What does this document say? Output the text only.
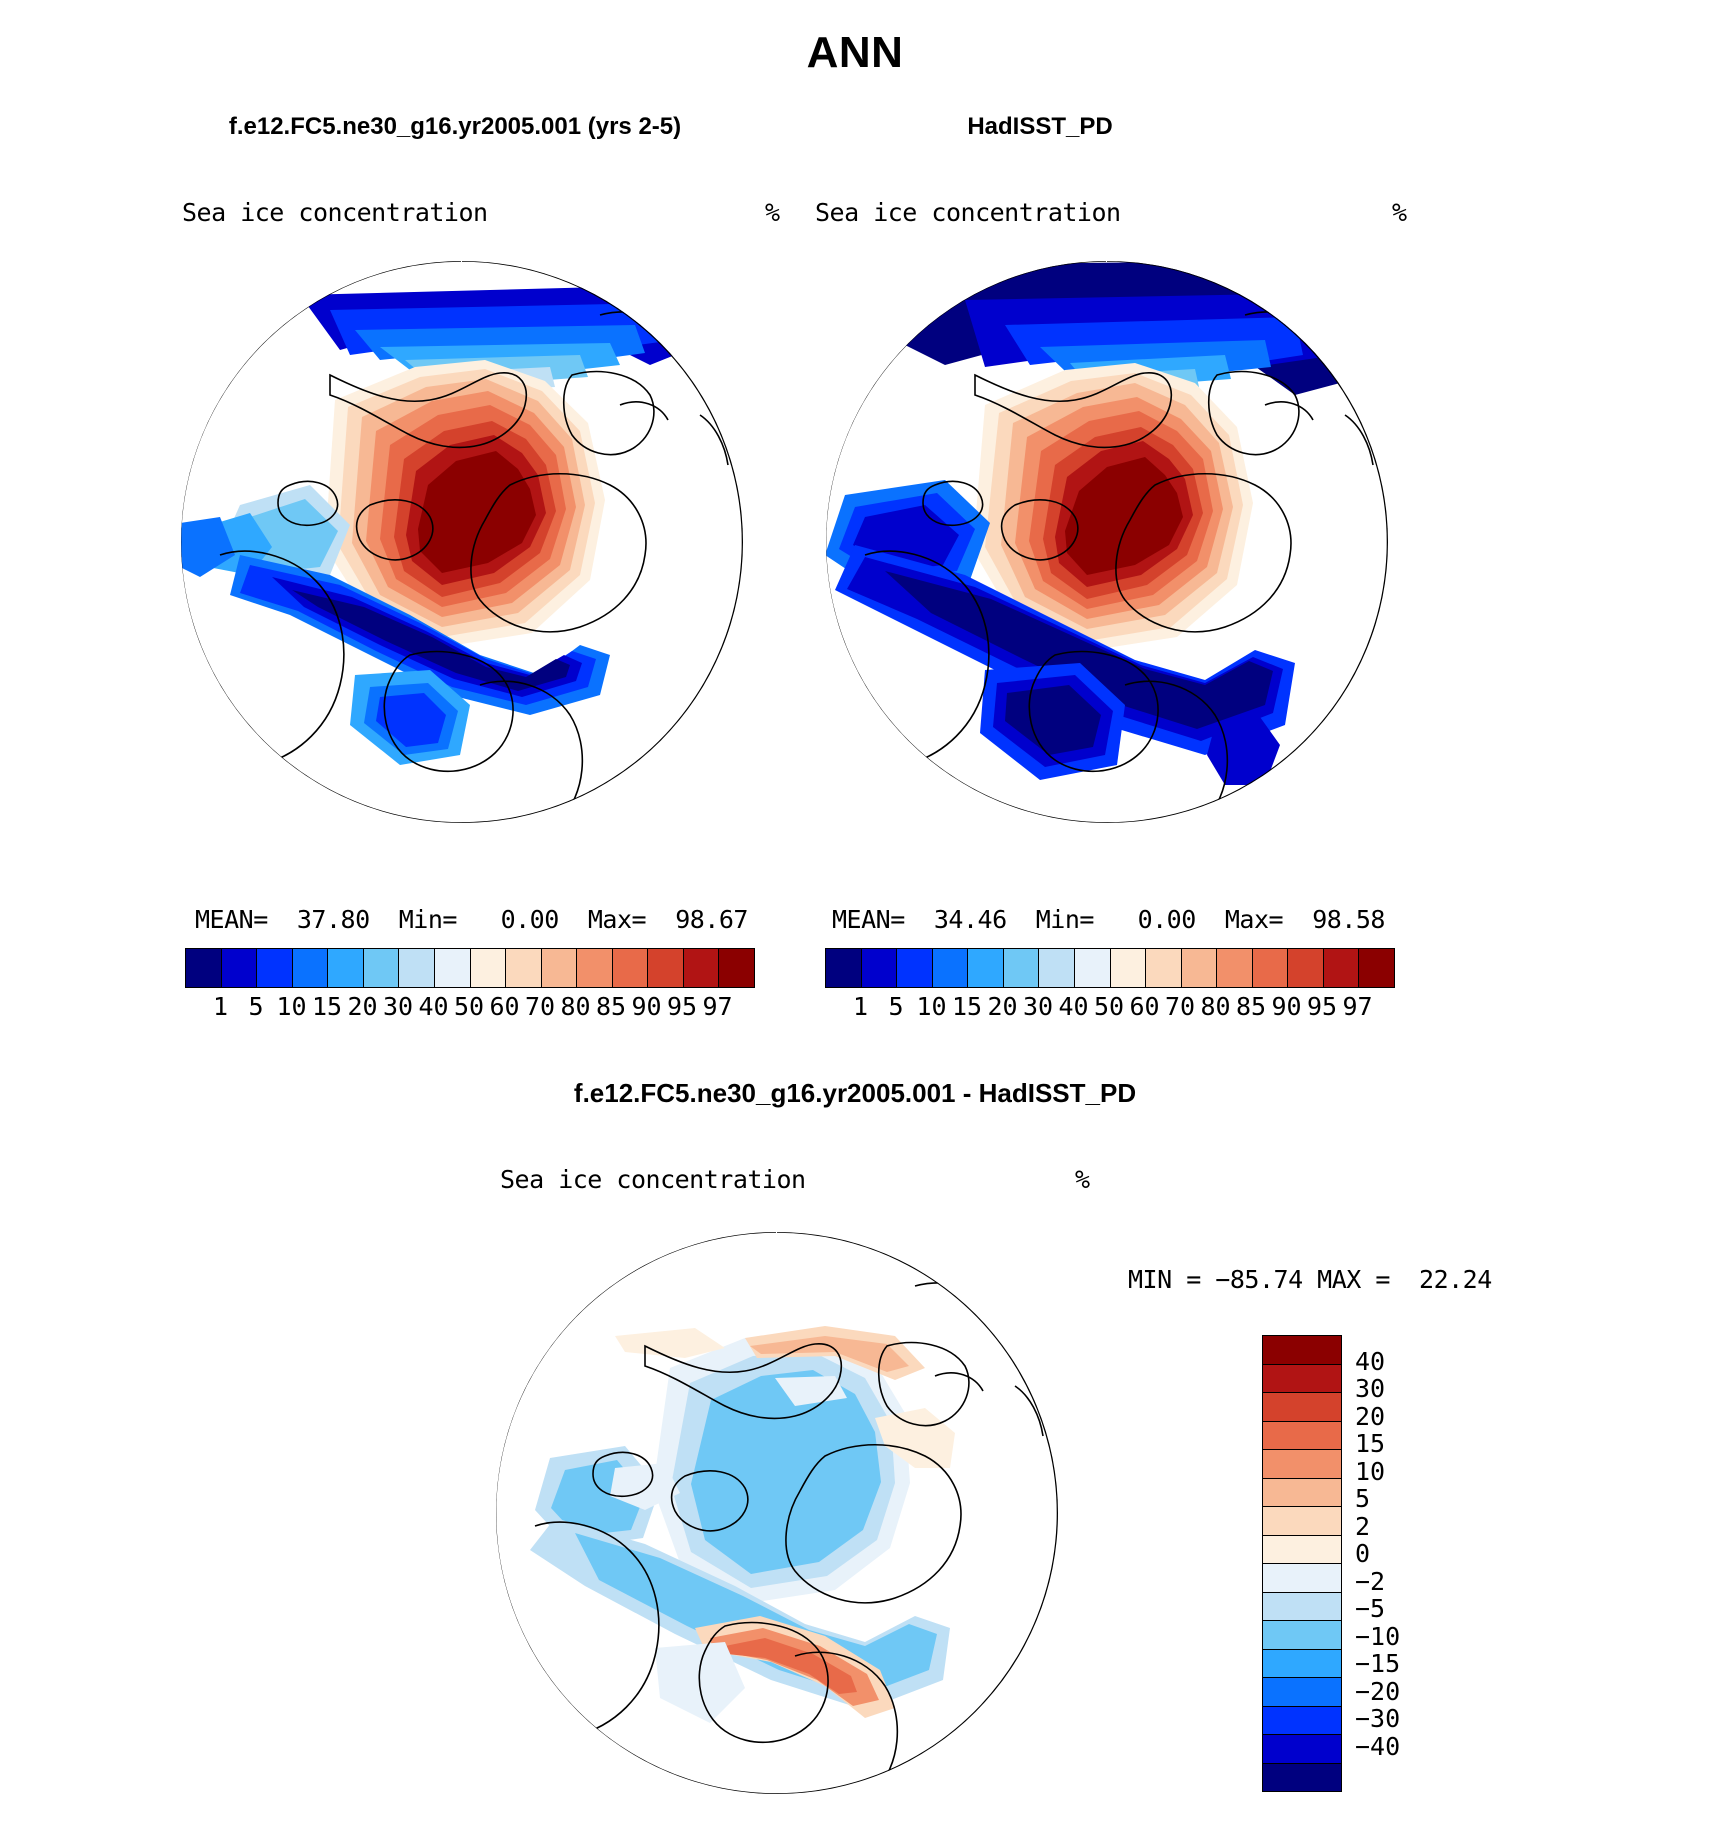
ANN
f.e12.FC5.ne30_g16.yr2005.001 (yrs 2-5)	HadISST_PD
Sea ice concentration	%
MEAN=  37.80  Min=   0.00  Max=  98.67
1 5 10 15 20 30 40 50 60 70 80 85 90 95 97
Sea ice concentration	%
MEAN=  34.46  Min=   0.00  Max=  98.58
1 5 10 15 20 30 40 50 60 70 80 85 90 95 97
f.e12.FC5.ne30_g16.yr2005.001 - HadISST_PD
Sea ice concentration	%
MIN = −85.74 MAX =  22.24
40
30
20
15
10
5
2
0
−2
−5
−10
−15
−20
−30
−40
